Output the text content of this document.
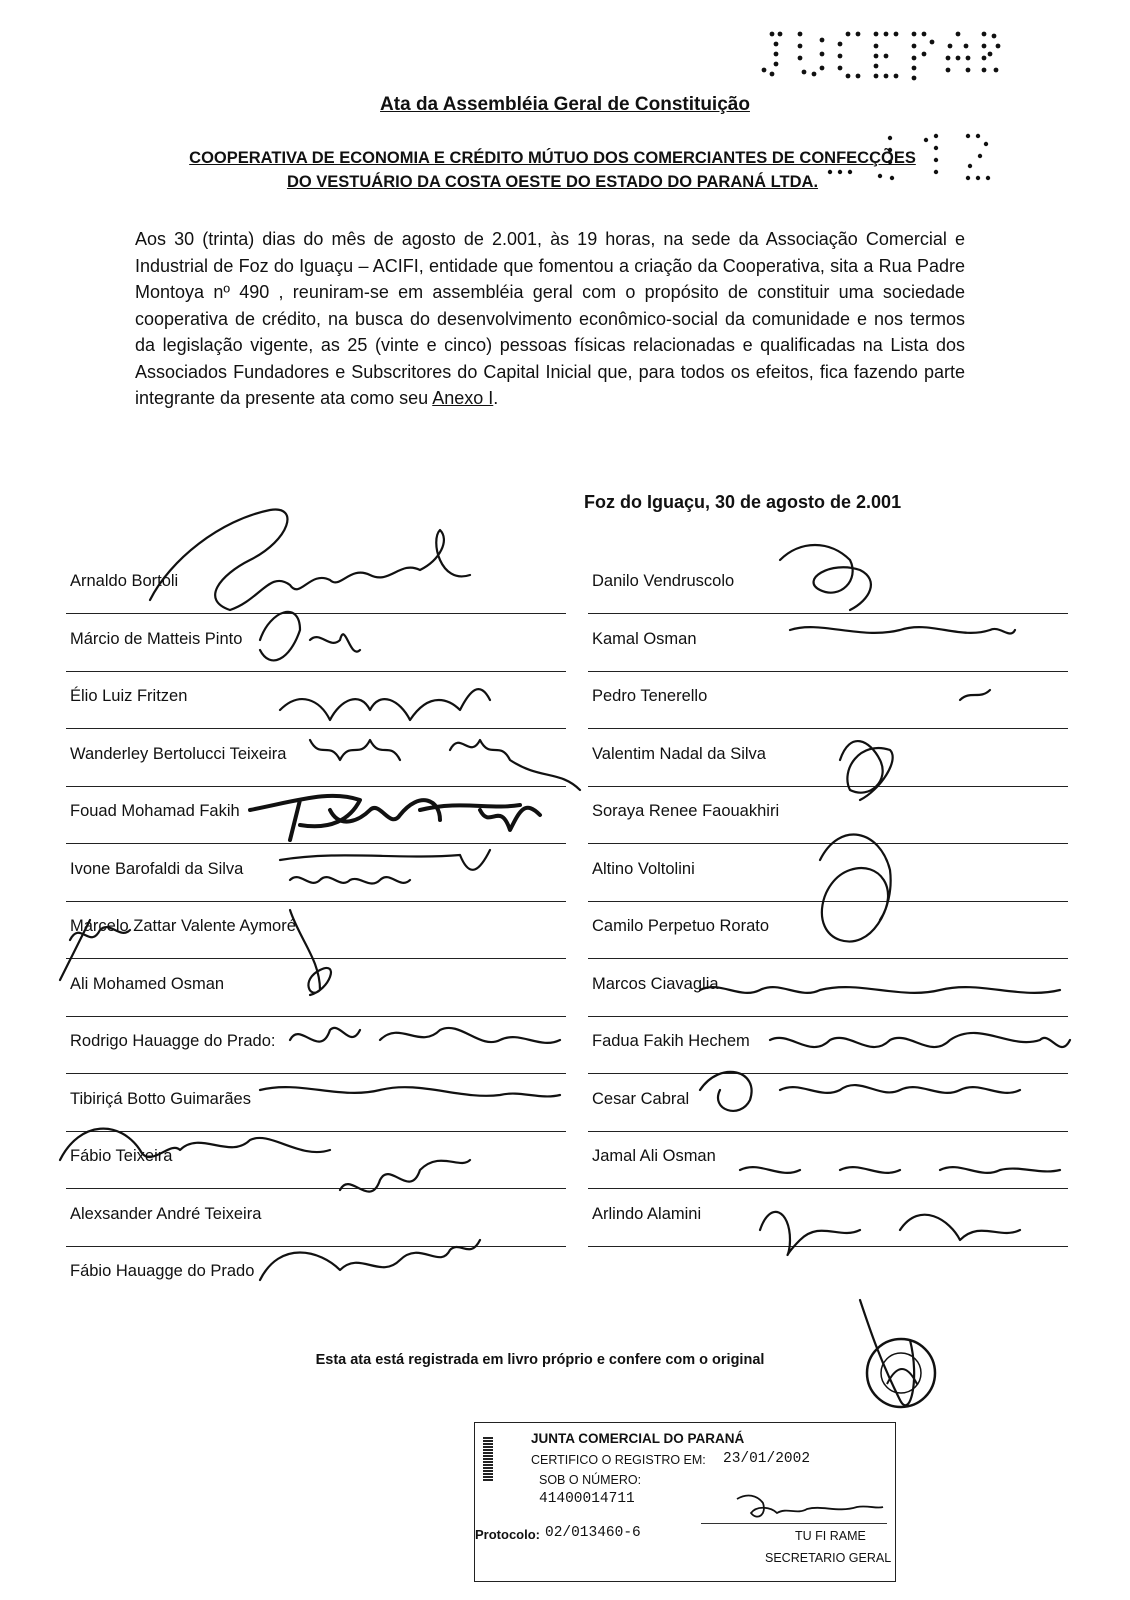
Ata da Assembléia Geral de Constituição
COOPERATIVA DE ECONOMIA E CRÉDITO MÚTUO DOS COMERCIANTES DE CONFECÇÕES
DO VESTUÁRIO DA COSTA OESTE DO ESTADO DO PARANÁ LTDA.

Aos 30 (trinta) dias do mês de agosto de 2.001, às 19 horas, na sede da Associação Comercial e Industrial de Foz do Iguaçu – ACIFI, entidade que fomentou a criação da Cooperativa, sita a Rua Padre Montoya nº 490 , reuniram-se em assembléia geral com o propósito de constituir uma sociedade cooperativa de crédito, na busca do desenvolvimento econômico-social da comunidade e nos termos da legislação vigente, as 25 (vinte e cinco) pessoas físicas relacionadas e qualificadas na Lista dos Associados Fundadores e Subscritores do Capital Inicial que, para todos os efeitos, fica fazendo parte integrante da presente ata como seu Anexo I.

Foz do Iguaçu, 30 de agosto de 2.001
Arnaldo Bortoli
Márcio de Matteis Pinto
Élio Luiz Fritzen
Wanderley Bertolucci Teixeira
Fouad Mohamad Fakih
Ivone Barofaldi da Silva
Marcelo Zattar Valente Aymoré
Ali Mohamed Osman
Rodrigo Hauagge do Prado:
Tibiriçá Botto Guimarães
Fábio Teixeira
Alexsander André Teixeira
Fábio Hauagge do Prado
Danilo Vendruscolo
Kamal Osman
Pedro Tenerello
Valentim Nadal da Silva
Soraya Renee Faouakhiri
Altino Voltolini
Camilo Perpetuo Rorato
Marcos Ciavaglia
Fadua Fakih Hechem
Cesar Cabral
Jamal Ali Osman
Arlindo Alamini
Esta ata está registrada em livro próprio e confere com o original
JUNTA COMERCIAL DO PARANÁ
CERTIFICO O REGISTRO EM: 23/01/2002
SOB O NÚMERO:
41400014711
Protocolo: 02/013460-6	TU FI RAME
SECRETARIO GERAL
